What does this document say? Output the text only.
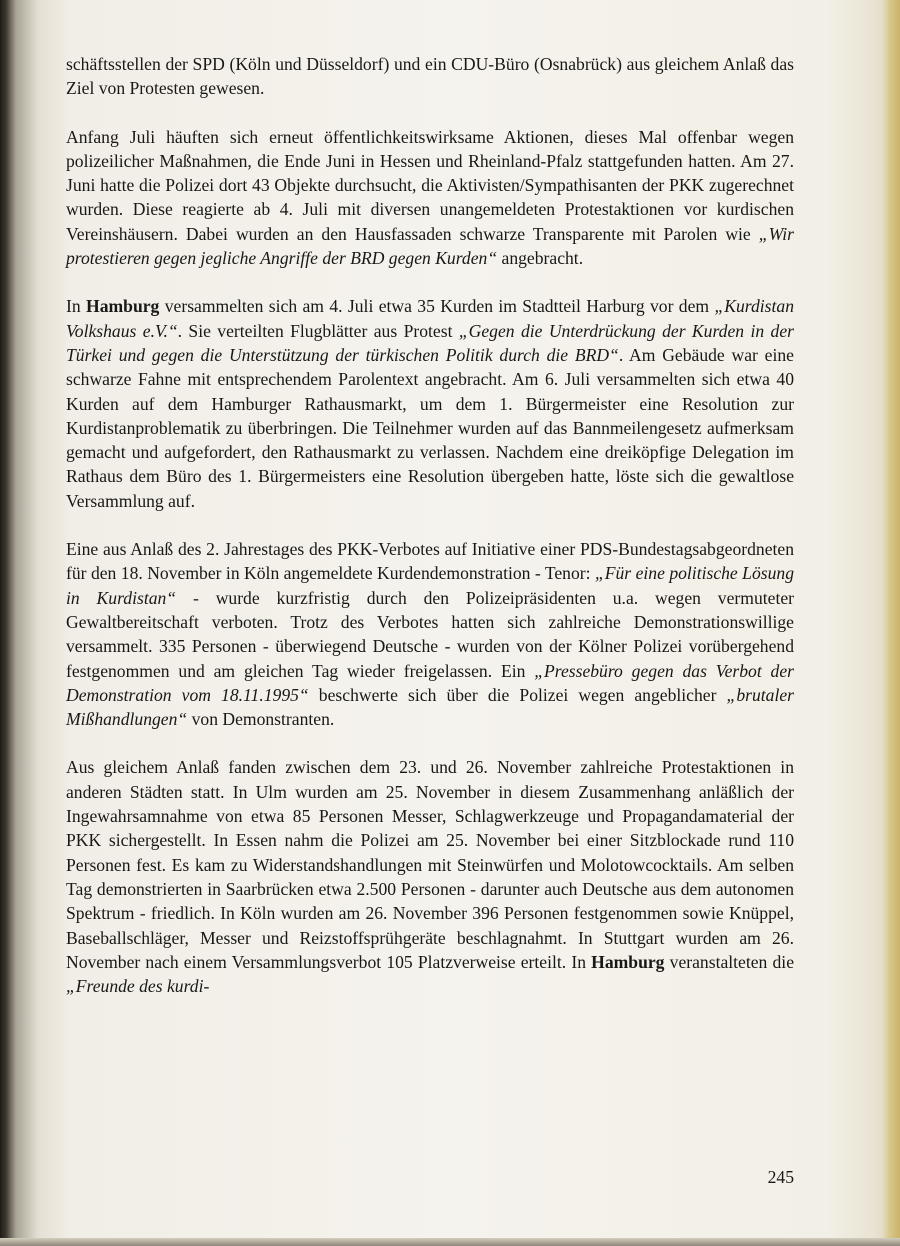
schäftsstellen der SPD (Köln und Düsseldorf) und ein CDU-Büro (Osnabrück) aus gleichem Anlaß das Ziel von Protesten gewesen.

Anfang Juli häuften sich erneut öffentlichkeitswirksame Aktionen, dieses Mal offenbar wegen polizeilicher Maßnahmen, die Ende Juni in Hessen und Rheinland-Pfalz stattgefunden hatten. Am 27. Juni hatte die Polizei dort 43 Objekte durchsucht, die Aktivisten/Sympathisanten der PKK zugerechnet wurden. Diese reagierte ab 4. Juli mit diversen unangemeldeten Protestaktionen vor kurdischen Vereinshäusern. Dabei wurden an den Hausfassaden schwarze Transparente mit Parolen wie „Wir protestieren gegen jegliche Angriffe der BRD gegen Kurden“ angebracht.

In Hamburg versammelten sich am 4. Juli etwa 35 Kurden im Stadtteil Harburg vor dem „Kurdistan Volkshaus e.V.“. Sie verteilten Flugblätter aus Protest „Gegen die Unterdrückung der Kurden in der Türkei und gegen die Unterstützung der türkischen Politik durch die BRD“. Am Gebäude war eine schwarze Fahne mit entsprechendem Parolentext angebracht. Am 6. Juli versammelten sich etwa 40 Kurden auf dem Hamburger Rathausmarkt, um dem 1. Bürgermeister eine Resolution zur Kurdistanproblematik zu überbringen. Die Teilnehmer wurden auf das Bannmeilengesetz aufmerksam gemacht und aufgefordert, den Rathausmarkt zu verlassen. Nachdem eine dreiköpfige Delegation im Rathaus dem Büro des 1. Bürgermeisters eine Resolution übergeben hatte, löste sich die gewaltlose Versammlung auf.

Eine aus Anlaß des 2. Jahrestages des PKK-Verbotes auf Initiative einer PDS-Bundestagsabgeordneten für den 18. November in Köln angemeldete Kurdendemonstration - Tenor: „Für eine politische Lösung in Kurdistan“ - wurde kurzfristig durch den Polizeipräsidenten u.a. wegen vermuteter Gewaltbereitschaft verboten. Trotz des Verbotes hatten sich zahlreiche Demonstrationswillige versammelt. 335 Personen - überwiegend Deutsche - wurden von der Kölner Polizei vorübergehend festgenommen und am gleichen Tag wieder freigelassen. Ein „Pressebüro gegen das Verbot der Demonstration vom 18.11.1995“ beschwerte sich über die Polizei wegen angeblicher „brutaler Mißhandlungen“ von Demonstranten.

Aus gleichem Anlaß fanden zwischen dem 23. und 26. November zahlreiche Protestaktionen in anderen Städten statt. In Ulm wurden am 25. November in diesem Zusammenhang anläßlich der Ingewahrsamnahme von etwa 85 Personen Messer, Schlagwerkzeuge und Propagandamaterial der PKK sichergestellt. In Essen nahm die Polizei am 25. November bei einer Sitzblockade rund 110 Personen fest. Es kam zu Widerstandshandlungen mit Steinwürfen und Molotowcocktails. Am selben Tag demonstrierten in Saarbrücken etwa 2.500 Personen - darunter auch Deutsche aus dem autonomen Spektrum - friedlich. In Köln wurden am 26. November 396 Personen festgenommen sowie Knüppel, Baseballschläger, Messer und Reizstoffsprühgeräte beschlagnahmt. In Stuttgart wurden am 26. November nach einem Versammlungsverbot 105 Platzverweise erteilt. In Hamburg veranstalteten die „Freunde des kurdi-

245
